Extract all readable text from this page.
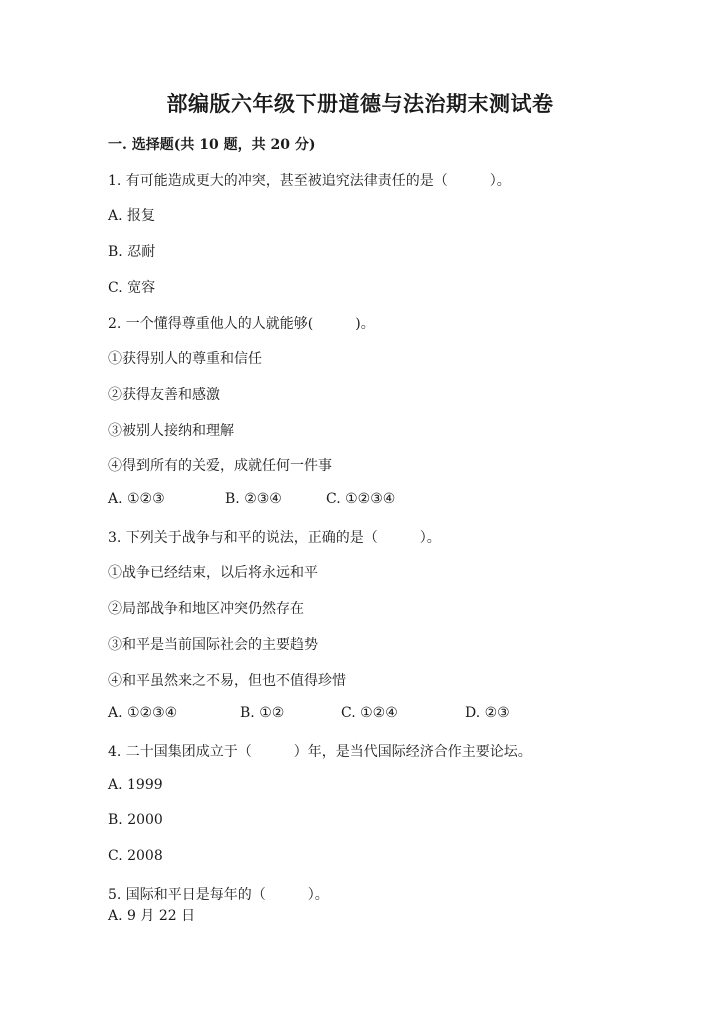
部编版六年级下册道德与法治期末测试卷
一. 选择题(共 10 题，共 20 分)
1. 有可能造成更大的冲突，甚至被追究法律责任的是（　　　）。
A. 报复
B. 忍耐
C. 宽容
2. 一个懂得尊重他人的人就能够(　　　)。
①获得别人的尊重和信任
②获得友善和感激
③被别人接纳和理解
④得到所有的关爱，成就任何一件事
A. ①②③	B. ②③④	C. ①②③④
3. 下列关于战争与和平的说法，正确的是（　　　）。
①战争已经结束，以后将永远和平
②局部战争和地区冲突仍然存在
③和平是当前国际社会的主要趋势
④和平虽然来之不易，但也不值得珍惜
A. ①②③④	B. ①②	C. ①②④	D. ②③
4. 二十国集团成立于（　　　）年，是当代国际经济合作主要论坛。
A. 1999
B. 2000
C. 2008
5. 国际和平日是每年的（　　　）。
A. 9 月 22 日
